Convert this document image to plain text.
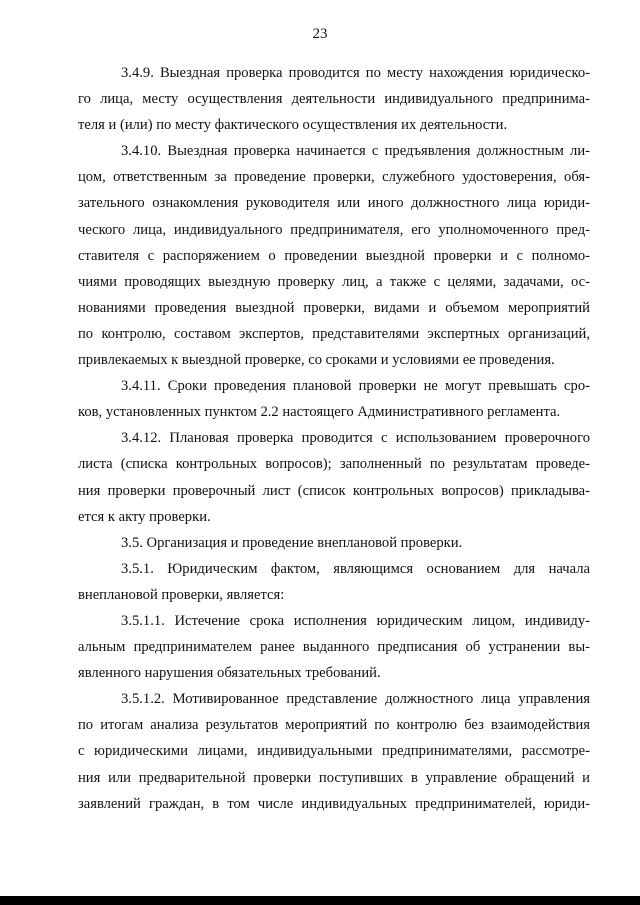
23

3.4.9. Выездная проверка проводится по месту нахождения юридическо-
го лица, месту осуществления деятельности индивидуального предпринима-
теля и (или) по месту фактического осуществления их деятельности.

3.4.10. Выездная проверка начинается с предъявления должностным ли-
цом, ответственным за проведение проверки, служебного удостоверения, обя-
зательного ознакомления руководителя или иного должностного лица юриди-
ческого лица, индивидуального предпринимателя, его уполномоченного пред-
ставителя с распоряжением о проведении выездной проверки и с полномо-
чиями проводящих выездную проверку лиц, а также с целями, задачами, ос-
нованиями проведения выездной проверки, видами и объемом мероприятий
по контролю, составом экспертов, представителями экспертных организаций,
привлекаемых к выездной проверке, со сроками и условиями ее проведения.

3.4.11. Сроки проведения плановой проверки не могут превышать сро-
ков, установленных пунктом 2.2 настоящего Административного регламента.

3.4.12. Плановая проверка проводится с использованием проверочного
листа (списка контрольных вопросов); заполненный по результатам проведе-
ния проверки проверочный лист (список контрольных вопросов) прикладыва-
ется к акту проверки.

3.5. Организация и проведение внеплановой проверки.

3.5.1. Юридическим фактом, являющимся основанием для начала
внеплановой проверки, является:

3.5.1.1. Истечение срока исполнения юридическим лицом, индивиду-
альным предпринимателем ранее выданного предписания об устранении вы-
явленного нарушения обязательных требований.

3.5.1.2. Мотивированное представление должностного лица управления
по итогам анализа результатов мероприятий по контролю без взаимодействия
с юридическими лицами, индивидуальными предпринимателями, рассмотре-
ния или предварительной проверки поступивших в управление обращений и
заявлений граждан, в том числе индивидуальных предпринимателей, юриди-
